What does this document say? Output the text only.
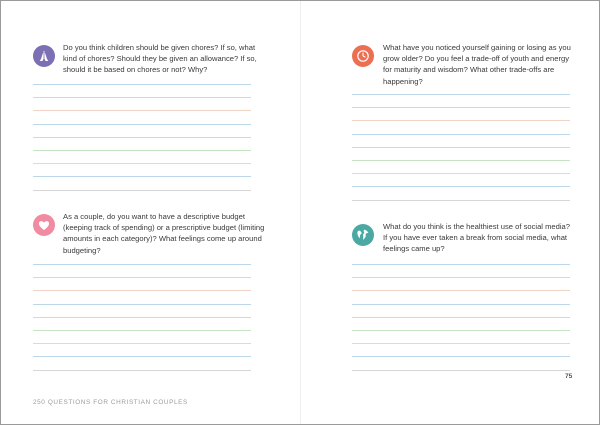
Do you think children should be given chores? If so, what kind of chores? Should they be given an allowance? If so, should it be based on chores or not? Why?

What have you noticed yourself gaining or losing as you grow older? Do you feel a trade-off of youth and energy for maturity and wisdom? What other trade-offs are happening?

As a couple, do you want to have a descriptive budget (keeping track of spending) or a prescriptive budget (limiting amounts in each category)? What feelings come up around budgeting?

What do you think is the healthiest use of social media? If you have ever taken a break from social media, what feelings came up?

250 QUESTIONS FOR CHRISTIAN COUPLES
75
